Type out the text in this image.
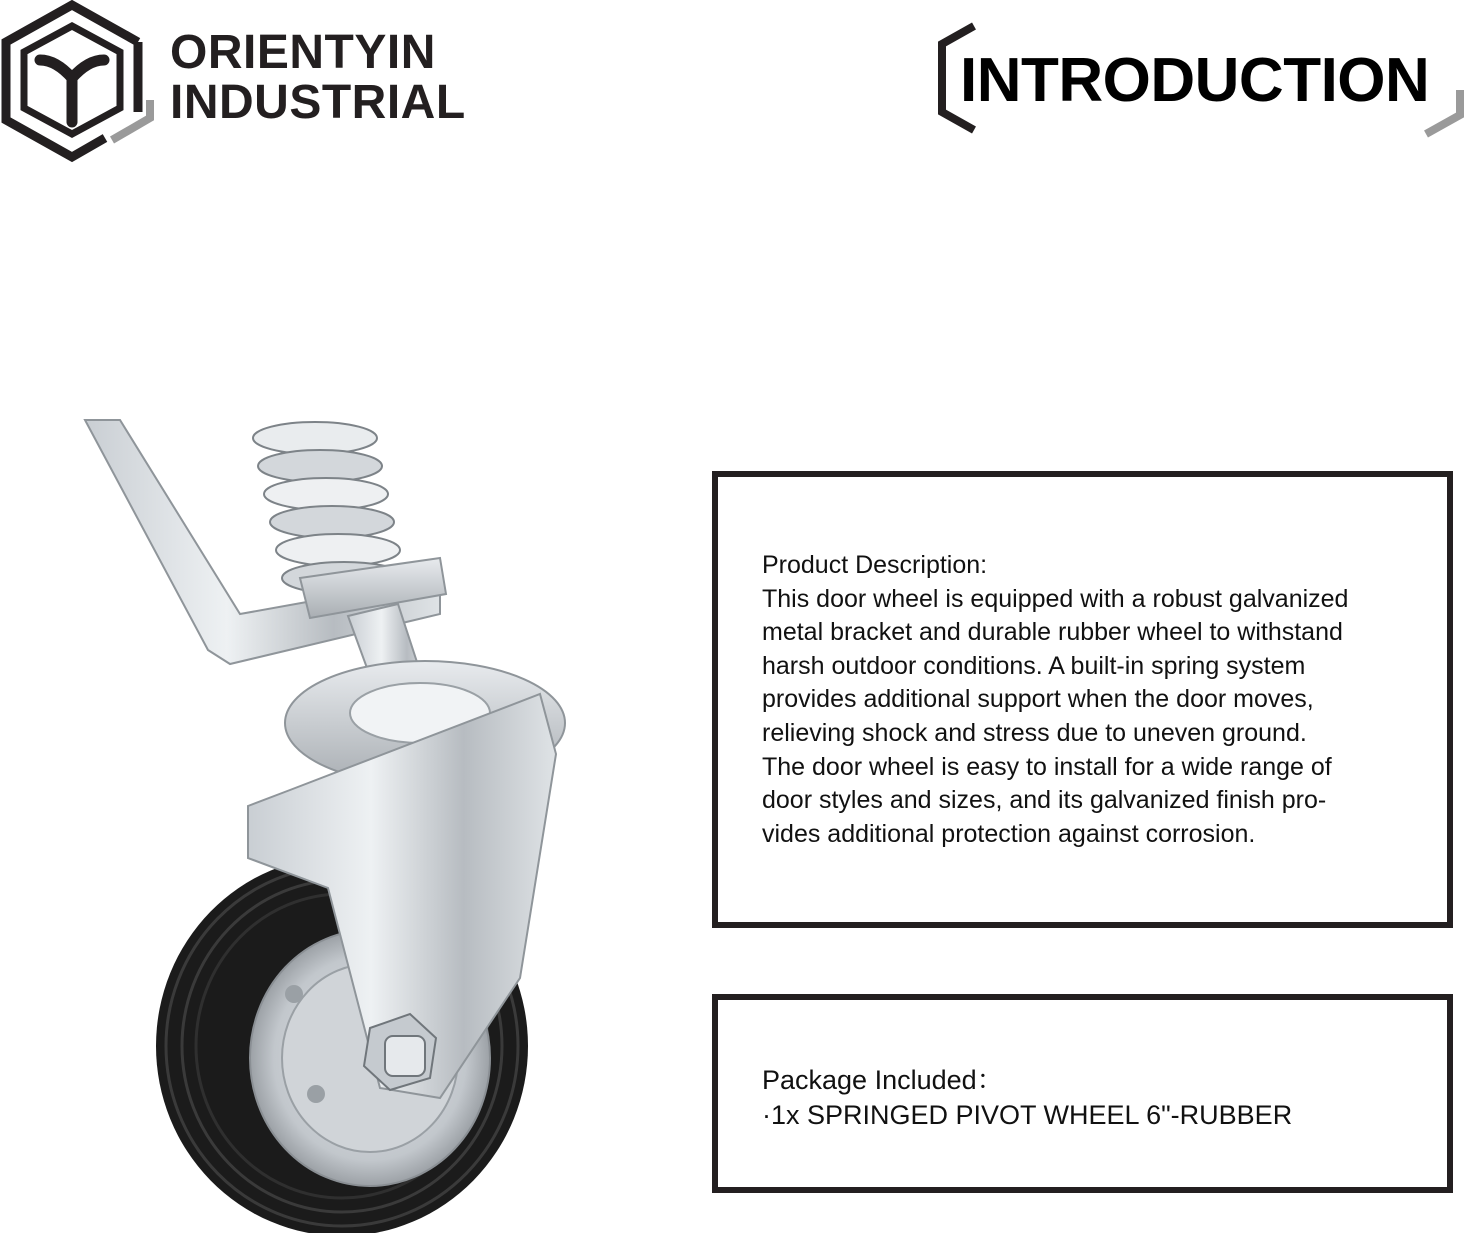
ORIENTYIN
INDUSTRIAL	INTRODUCTION

Product Description:

This door wheel is equipped with a robust galvanized

metal bracket and durable rubber wheel to withstand

harsh outdoor conditions. A built-in spring system

provides additional support when the door moves,

relieving shock and stress due to uneven ground.

The door wheel is easy to install for a wide range of

door styles and sizes, and its galvanized finish pro-

vides additional protection against corrosion.

Package Included：

·1x SPRINGED PIVOT WHEEL 6"-RUBBER
